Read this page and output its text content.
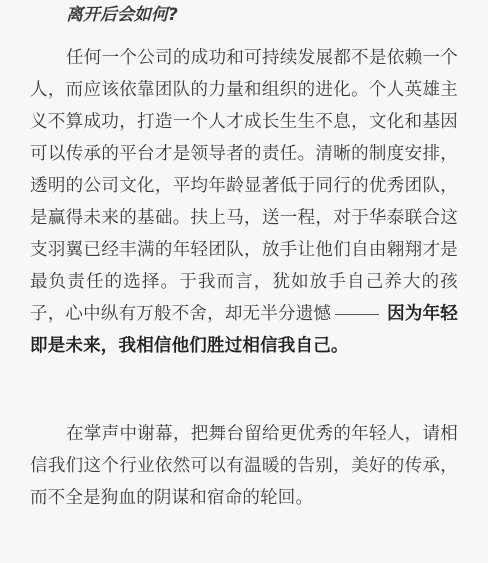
离开后会如何?

任何一个公司的成功和可持续发展都不是依赖一个人，而应该依靠团队的力量和组织的进化。个人英雄主义不算成功，打造一个人才成长生生不息，文化和基因可以传承的平台才是领导者的责任。清晰的制度安排，透明的公司文化，平均年龄显著低于同行的优秀团队，是赢得未来的基础。扶上马，送一程，对于华泰联合这支羽翼已经丰满的年轻团队，放手让他们自由翱翔才是最负责任的选择。于我而言，犹如放手自己养大的孩子，心中纵有万般不舍，却无半分遗憾	因为年轻即是未来，我相信他们胜过相信我自己。

在掌声中谢幕，把舞台留给更优秀的年轻人，请相信我们这个行业依然可以有温暖的告别，美好的传承，而不全是狗血的阴谋和宿命的轮回。
